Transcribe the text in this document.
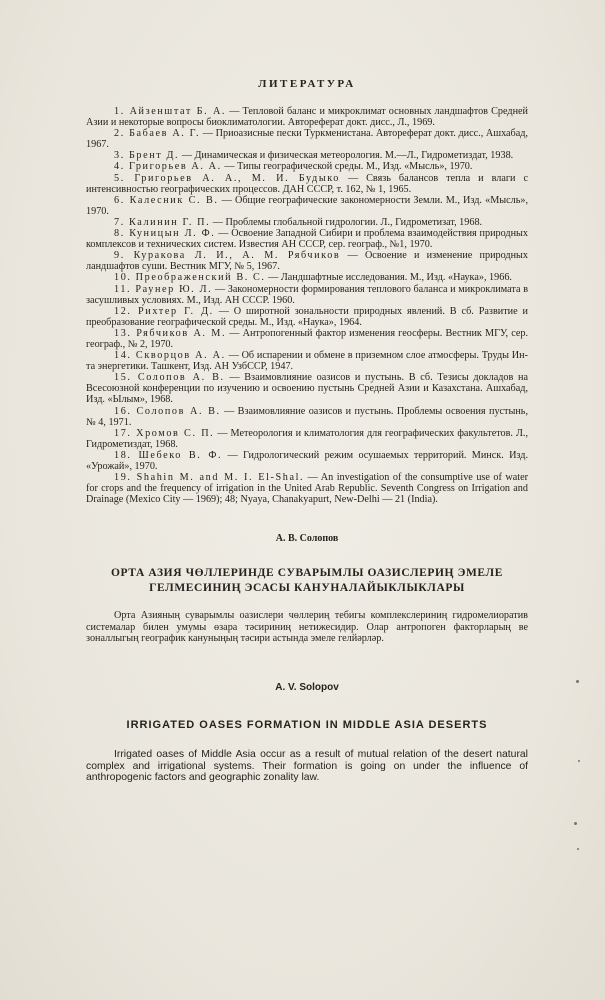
ЛИТЕРАТУРА

1. Айзенштат Б. А. — Тепловой баланс и микроклимат основных ландшафтов Средней Азии и некоторые вопросы биоклиматологии. Автореферат докт. дисс., Л., 1969.

2. Бабаев А. Г. — Приоазисные пески Туркменистана. Автореферат докт. дисс., Ашхабад, 1967.

3. Брент Д. — Динамическая и физическая метеорология. М.—Л., Гидрометиздат, 1938.

4. Григорьев А. А. — Типы географической среды. М., Изд. «Мысль», 1970.

5. Григорьев А. А., М. И. Будыко — Связь балансов тепла и влаги с интенсивностью географических процессов. ДАН СССР, т. 162, № 1, 1965.

6. Калесник С. В. — Общие географические закономерности Земли. М., Изд. «Мысль», 1970.

7. Калинин Г. П. — Проблемы глобальной гидрологии. Л., Гидрометизат, 1968.

8. Куницын Л. Ф. — Освоение Западной Сибири и проблема взаимодействия природных комплексов и технических систем. Известия АН СССР, сер. географ., №1, 1970.

9. Куракова Л. И., А. М. Рябчиков — Освоение и изменение природных ландшафтов суши. Вестник МГУ, № 5, 1967.

10. Преображенский В. С. — Ландшафтные исследования. М., Изд. «Наука», 1966.

11. Раунер Ю. Л. — Закономерности формирования теплового баланса и микроклимата в засушливых условиях. М., Изд. АН СССР. 1960.

12. Рихтер Г. Д. — О широтной зональности природных явлений. В сб. Развитие и преобразование географической среды. М., Изд. «Наука», 1964.

13. Рябчиков А. М. — Антропогенный фактор изменения геосферы. Вестник МГУ, сер. географ., № 2, 1970.

14. Скворцов А. А. — Об испарении и обмене в приземном слое атмосферы. Труды Ин-та энергетики. Ташкент, Изд. АН УзбССР, 1947.

15. Солопов А. В. — Взаимовлияние оазисов и пустынь. В сб. Тезисы докладов на Всесоюзной конференции по изучению и освоению пустынь Средней Азии и Казахстана. Ашхабад, Изд. «Ылым», 1968.

16. Солопов А. В. — Взаимовлияние оазисов и пустынь. Проблемы освоения пустынь, № 4, 1971.

17. Хромов С. П. — Метеорология и климатология для географических факультетов. Л., Гидрометиздат, 1968.

18. Шебеко В. Ф. — Гидрологический режим осушаемых территорий. Минск. Изд. «Урожай», 1970.

19. Shahin M. and M. I. El-Shal. — An investigation of the consumptive use of water for crops and the frequency of irrigation in the United Arab Republic. Seventh Congress on Irrigation and Drainage (Mexico City — 1969); 48; Nyaya, Chanakyapurt, New-Delhi — 21 (India).

А. В. Солопов
ОРТА АЗИЯ ЧӨЛЛЕРИНДЕ СУВАРЫМЛЫ ОАЗИСЛЕРИҢ ЭМЕЛЕ
ГЕЛМЕСИНИҢ ЭСАСЫ КАНУНАЛАЙЫКЛЫКЛАРЫ

Орта Азияның суварымлы оазислери чөллериң тебигы комплекслериниң гидромелиоратив системалар билен умумы өзара тәсириниң нетижесидир. Олар антропоген факторларың ве зоналлыгың географик кануныңың тәсири астында эмеле гелйәрләр.

A. V. Solopov
IRRIGATED OASES FORMATION IN MIDDLE ASIA DESERTS

Irrigated oases of Middle Asia occur as a result of mutual relation of the desert natural complex and irrigational systems. Their formation is going on under the influence of anthropogenic factors and geographic zonality law.
